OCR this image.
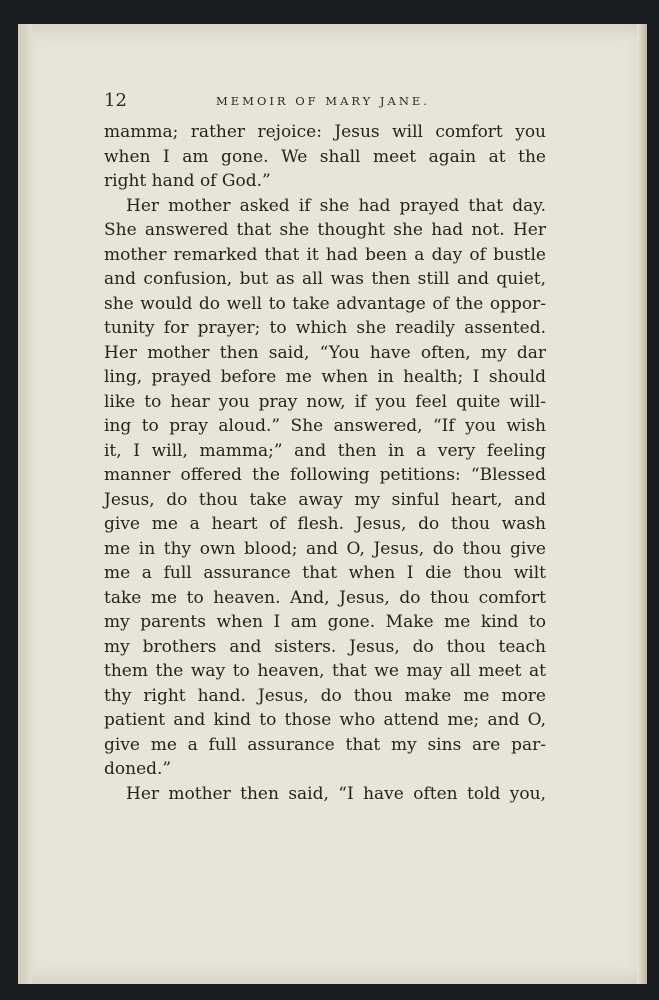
12	MEMOIR OF MARY JANE.
mamma; rather rejoice: Jesus will comfort you
when I am gone. We shall meet again at the
right hand of God.”
Her mother asked if she had prayed that day.
She answered that she thought she had not. Her
mother remarked that it had been a day of bustle
and confusion, but as all was then still and quiet,
she would do well to take advantage of the oppor-
tunity for prayer; to which she readily assented.
Her mother then said, “You have often, my dar
ling, prayed before me when in health; I should
like to hear you pray now, if you feel quite will-
ing to pray aloud.” She answered, “If you wish
it, I will, mamma;” and then in a very feeling
manner offered the following petitions: “Blessed
Jesus, do thou take away my sinful heart, and
give me a heart of flesh. Jesus, do thou wash
me in thy own blood; and O, Jesus, do thou give
me a full assurance that when I die thou wilt
take me to heaven. And, Jesus, do thou comfort
my parents when I am gone. Make me kind to
my brothers and sisters. Jesus, do thou teach
them the way to heaven, that we may all meet at
thy right hand. Jesus, do thou make me more
patient and kind to those who attend me; and O,
give me a full assurance that my sins are par-
doned.”
Her mother then said, “I have often told you,
